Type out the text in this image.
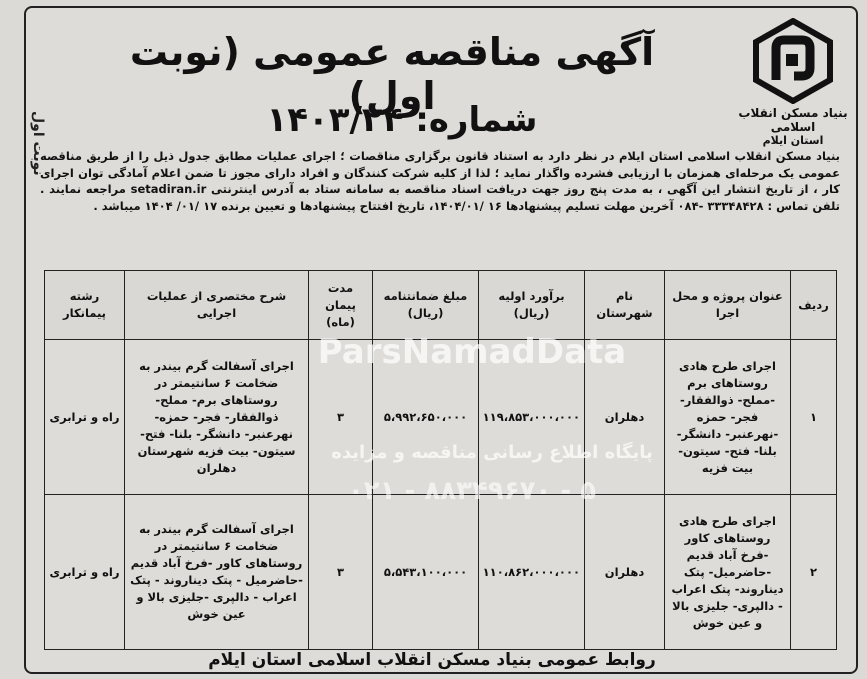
نوبت اول	بنیاد مسکن انقلاب اسلامی
استان ایلام
آگهی مناقصه عمومی (نوبت اول)
شماره: ۱۴۰۳/۲۴
بنیاد مسکن انقلاب اسلامی استان ایلام در نظر دارد به استناد قانون برگزاری مناقصات ؛ اجرای عملیات مطابق جدول ذیل را از طریق مناقصه عمومی یک مرحله‌ای همزمان با ارزیابی فشرده واگذار نماید ؛ لذا از کلیه شرکت کنندگان و افراد دارای مجوز تا ضمن اعلام آمادگی توان اجرای کار ، از تاریخ انتشار این آگهی ، به مدت پنج روز جهت دریافت اسناد مناقصه به سامانه ستاد به آدرس اینترنتی setadiran.ir مراجعه نمایند . تلفن تماس : ۳۳۳۴۸۴۲۸ -۰۸۴ آخرین مهلت تسلیم پیشنهادها ۱۶ /۱۴۰۴/۰۱، تاریخ افتتاح پیشنهادها و تعیین برنده ۱۷ /۰۱/ ۱۴۰۴ میباشد .
ردیف	عنوان پروژه و محل اجرا	نام شهرستان	برآورد اولیه (ریال)	مبلغ ضمانتنامه (ریال)	مدت پیمان (ماه)	شرح مختصری از عملیات اجرایی	رشته پیمانکار
۱	اجرای طرح هادی روستاهای برم -مملح- ذوالفقار- فجر- حمزه -نهرعنبر- دانشگر- بلنا- فتح- سیتون- بیت فزیه	دهلران	۱۱۹،۸۵۳،۰۰۰،۰۰۰	۵،۹۹۲،۶۵۰،۰۰۰	۳	اجرای آسفالت گرم بیندر به ضخامت ۶ سانتیمتر در روستاهای برم- مملح- ذوالفقار- فجر- حمزه- نهرعنبر- دانشگر- بلنا- فتح- سیتون- بیت فزیه شهرستان دهلران	راه و ترابری
۲	اجرای طرح هادی روستاهای کاور -فرخ آباد قدیم -حاضرمیل- پتک دیناروند- پتک اعراب - دالپری- جلیزی بالا و عین خوش	دهلران	۱۱۰،۸۶۲،۰۰۰،۰۰۰	۵،۵۴۳،۱۰۰،۰۰۰	۳	اجرای آسفالت گرم بیندر به ضخامت ۶ سانتیمتر در روستاهای کاور -فرخ آباد قدیم -حاضرمیل - پتک دیناروند - پتک اعراب - دالپری -جلیزی بالا و عین خوش	راه و ترابری
ParsNamadData
پایگاه اطلاع رسانی مناقصه و مزایده
۰۲۱ - ۸۸۳۴۹۶۷۰ - ۵
روابط عمومی بنیاد مسکن انقلاب اسلامی استان ایلام
